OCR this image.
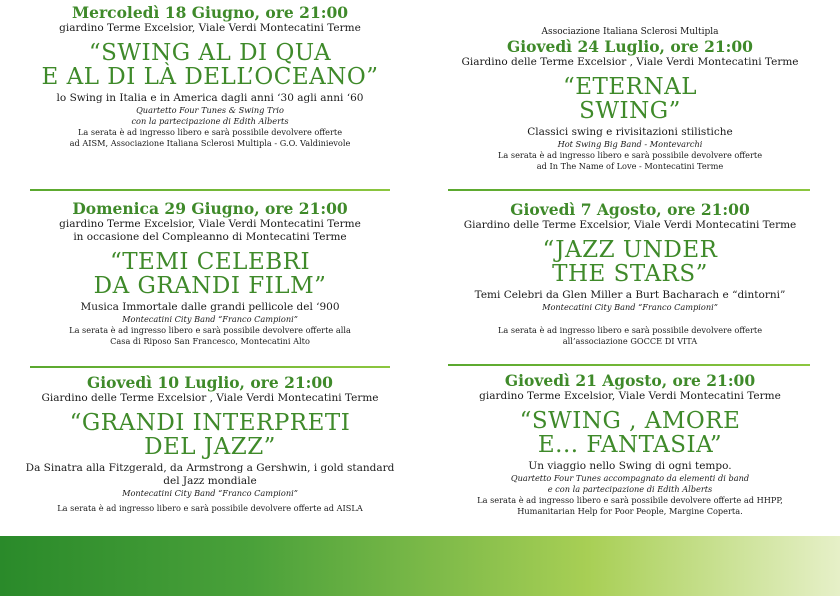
Mercoledì 18 Giugno, ore 21:00
giardino Terme Excelsior, Viale Verdi Montecatini Terme
“SWING AL DI QUA
E AL DI LÀ DELL’OCEANO”
lo Swing in Italia e in America dagli anni ‘30 agli anni ‘60
Quartetto Four Tunes & Swing Trio
con la partecipazione di Edith Alberts
La serata è ad ingresso libero e sarà possibile devolvere offerte
ad AISM, Associazione Italiana Sclerosi Multipla - G.O. Valdinievole
Domenica 29 Giugno, ore 21:00
giardino Terme Excelsior, Viale Verdi Montecatini Terme
in occasione del Compleanno di Montecatini Terme
“TEMI CELEBRI
DA GRANDI FILM”
Musica Immortale dalle grandi pellicole del ‘900
Montecatini City Band “Franco Campioni”
La serata è ad ingresso libero e sarà possibile devolvere offerte alla
Casa di Riposo San Francesco, Montecatini Alto
Giovedì 10 Luglio, ore 21:00
Giardino delle Terme Excelsior , Viale Verdi Montecatini Terme
“GRANDI INTERPRETI
DEL JAZZ”
Da Sinatra alla Fitzgerald, da Armstrong a Gershwin, i gold standard
del Jazz mondiale
Montecatini City Band “Franco Campioni”
La serata è ad ingresso libero e sarà possibile devolvere offerte ad AISLA
Associazione Italiana Sclerosi Multipla
Giovedì 24 Luglio, ore 21:00
Giardino delle Terme Excelsior , Viale Verdi Montecatini Terme
“ETERNAL
SWING”
Classici swing e rivisitazioni stilistiche
Hot Swing Big Band - Montevarchi
La serata è ad ingresso libero e sarà possibile devolvere offerte
ad In The Name of Love - Montecatini Terme
Giovedì 7 Agosto, ore 21:00
Giardino delle Terme Excelsior, Viale Verdi Montecatini Terme
“JAZZ UNDER
THE STARS”
Temi Celebri da Glen Miller a Burt Bacharach e “dintorni”
Montecatini City Band “Franco Campioni”
La serata è ad ingresso libero e sarà possibile devolvere offerte
all’associazione GOCCE DI VITA
Giovedì 21 Agosto, ore 21:00
giardino Terme Excelsior, Viale Verdi Montecatini Terme
“SWING , AMORE
E... FANTASIA”
Un viaggio nello Swing di ogni tempo.
Quartetto Four Tunes accompagnato da elementi di band
e con la partecipazione di Edith Alberts
La serata è ad ingresso libero e sarà possibile devolvere offerte ad HHPP,
Humanitarian Help for Poor People, Margine Coperta.
